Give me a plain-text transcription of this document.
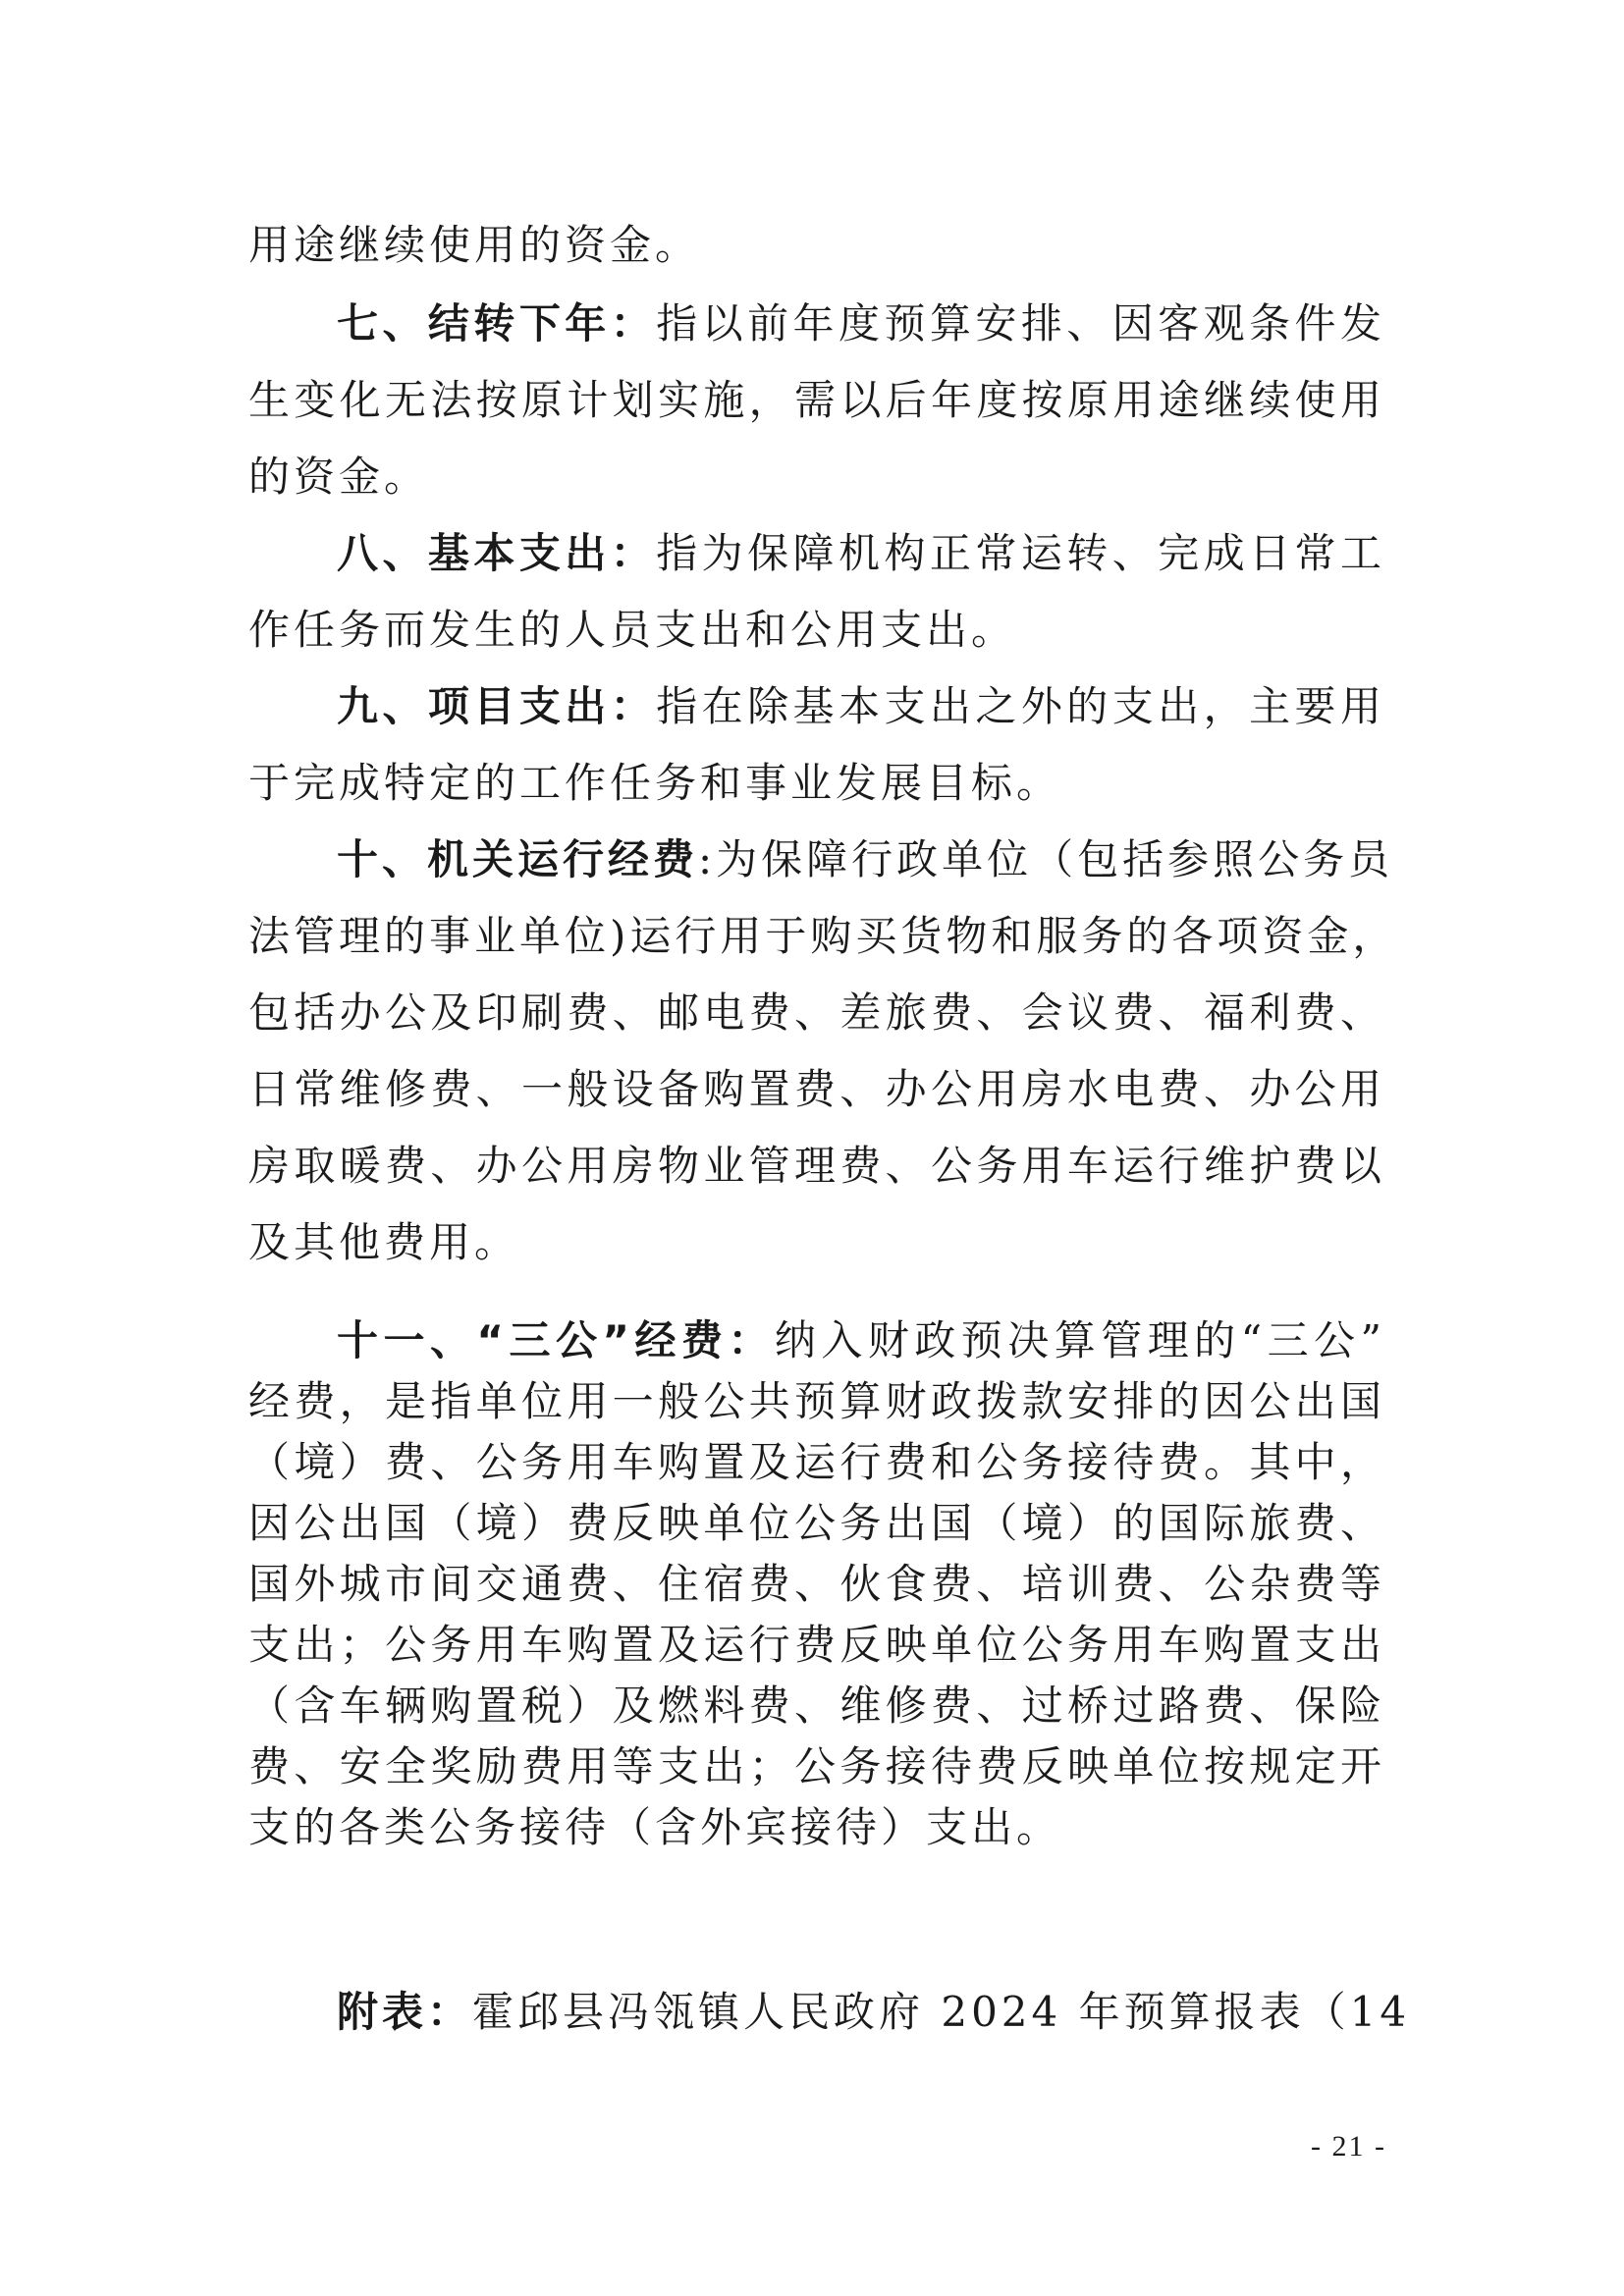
用途继续使用的资金。
七、结转下年：指以前年度预算安排、因客观条件发
生变化无法按原计划实施，需以后年度按原用途继续使用
的资金。
八、基本支出：指为保障机构正常运转、完成日常工
作任务而发生的人员支出和公用支出。
九、项目支出：指在除基本支出之外的支出，主要用
于完成特定的工作任务和事业发展目标。
十、机关运行经费:为保障行政单位（包括参照公务员
法管理的事业单位)运行用于购买货物和服务的各项资金，
包括办公及印刷费、邮电费、差旅费、会议费、福利费、
日常维修费、一般设备购置费、办公用房水电费、办公用
房取暖费、办公用房物业管理费、公务用车运行维护费以
及其他费用。
十一、“三公”经费：纳入财政预决算管理的“三公”
经费，是指单位用一般公共预算财政拨款安排的因公出国
（境）费、公务用车购置及运行费和公务接待费。其中，
因公出国（境）费反映单位公务出国（境）的国际旅费、
国外城市间交通费、住宿费、伙食费、培训费、公杂费等
支出；公务用车购置及运行费反映单位公务用车购置支出
（含车辆购置税）及燃料费、维修费、过桥过路费、保险
费、安全奖励费用等支出；公务接待费反映单位按规定开
支的各类公务接待（含外宾接待）支出。
附表：霍邱县冯瓴镇人民政府 2024 年预算报表（14
- 21 -
